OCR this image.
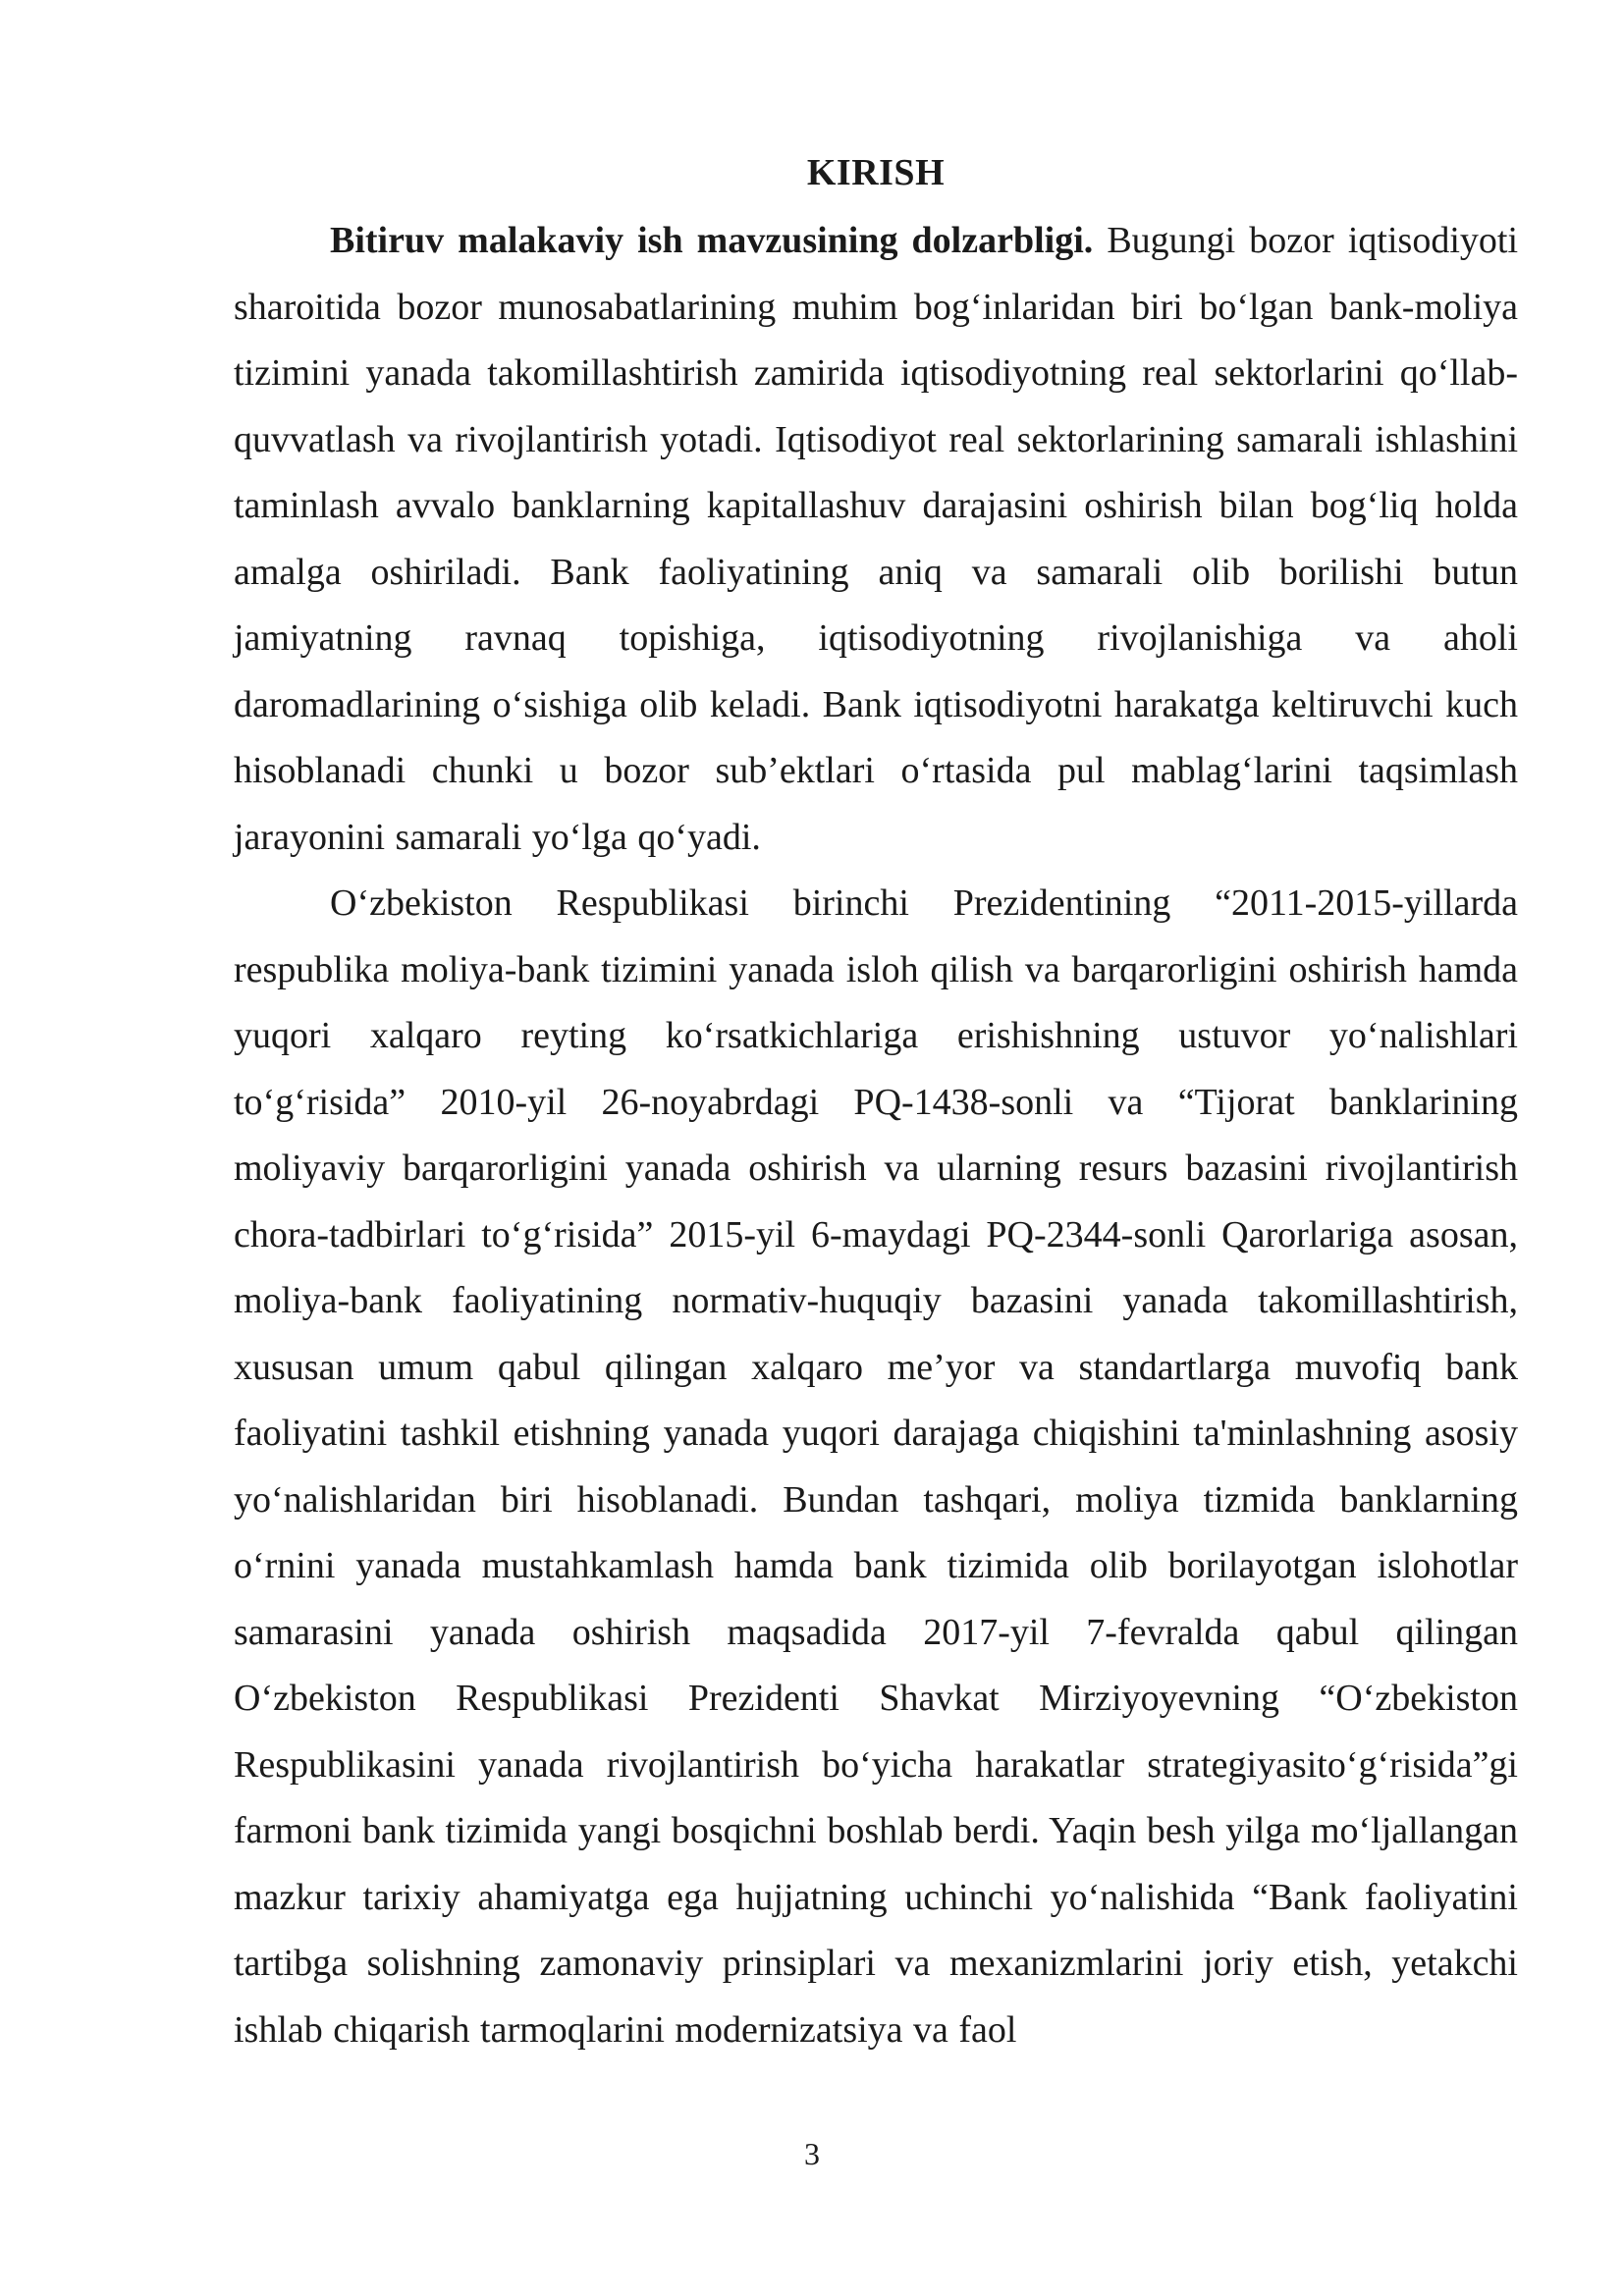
KIRISH

Bitiruv malakaviy ish mavzusining dolzarbligi. Bugungi bozor iqtisodiyoti sharoitida bozor munosabatlarining muhim bog‘inlaridan biri bo‘lgan bank-moliya tizimini yanada takomillashtirish zamirida iqtisodiyotning real sektorlarini qo‘llab-quvvatlash va rivojlantirish yotadi. Iqtisodiyot real sektorlarining samarali ishlashini taminlash avvalo banklarning kapitallashuv darajasini oshirish bilan bog‘liq holda amalga oshiriladi. Bank faoliyatining aniq va samarali olib borilishi butun jamiyatning ravnaq topishiga, iqtisodiyotning rivojlanishiga va aholi daromadlarining o‘sishiga olib keladi. Bank iqtisodiyotni harakatga keltiruvchi kuch hisoblanadi chunki u bozor sub’ektlari o‘rtasida pul mablag‘larini taqsimlash jarayonini samarali yo‘lga qo‘yadi.

O‘zbekiston Respublikasi birinchi Prezidentining “2011-2015-yillarda respublika moliya-bank tizimini yanada isloh qilish va barqarorligini oshirish hamda yuqori xalqaro reyting ko‘rsatkichlariga erishishning ustuvor yo‘nalishlari to‘g‘risida” 2010-yil 26-noyabrdagi PQ-1438-sonli va “Tijorat banklarining moliyaviy barqarorligini yanada oshirish va ularning resurs bazasini rivojlantirish chora-tadbirlari to‘g‘risida” 2015-yil 6-maydagi PQ-2344-sonli Qarorlariga asosan, moliya-bank faoliyatining normativ-huquqiy bazasini yanada takomillashtirish, xususan umum qabul qilingan xalqaro me’yor va standartlarga muvofiq bank faoliyatini tashkil etishning yanada yuqori darajaga chiqishini ta'minlashning asosiy yo‘nalishlaridan biri hisoblanadi. Bundan tashqari, moliya tizmida banklarning o‘rnini yanada mustahkamlash hamda bank tizimida olib borilayotgan islohotlar samarasini yanada oshirish maqsadida 2017-yil 7-fevralda qabul qilingan O‘zbekiston Respublikasi Prezidenti Shavkat Mirziyoyevning “O‘zbekiston Respublikasini yanada rivojlantirish bo‘yicha harakatlar strategiyasito‘g‘risida”gi farmoni bank tizimida yangi bosqichni boshlab berdi. Yaqin besh yilga mo‘ljallangan mazkur tarixiy ahamiyatga ega hujjatning uchinchi yo‘nalishida “Bank faoliyatini tartibga solishning zamonaviy prinsiplari va mexanizmlarini joriy etish, yetakchi ishlab chiqarish tarmoqlarini modernizatsiya va faol

3
